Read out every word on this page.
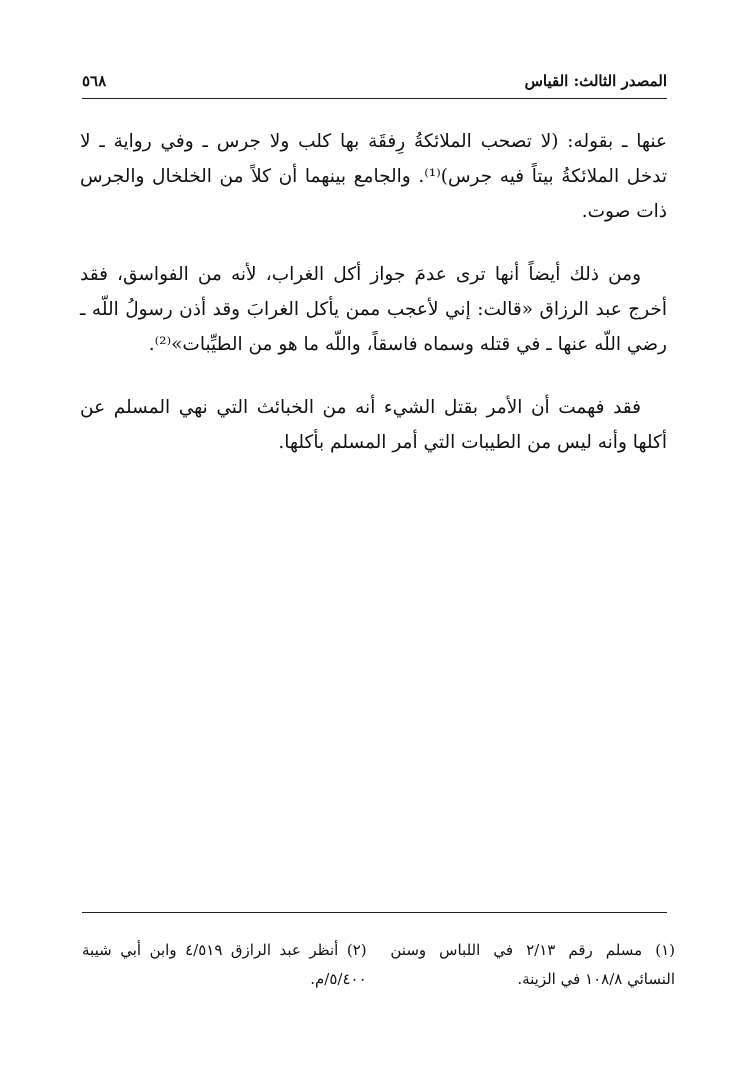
المصدر الثالث: القياس
٥٦٨

عنها ـ بقوله: (لا تصحب الملائكةُ رِفقَة بها كلب ولا جرس ـ وفي رواية ـ لا تدخل الملائكةُ بيتاً فيه جرس)⁽¹⁾. والجامع بينهما أن كلاً من الخلخال والجرس ذات صوت.

ومن ذلك أيضاً أنها ترى عدمَ جواز أكل الغراب، لأنه من الفواسق، فقد أخرج عبد الرزاق «قالت: إني لأعجب ممن يأكل الغرابَ وقد أذن رسولُ اللّه ـ رضي اللّه عنها ـ في قتله وسماه فاسقاً، واللّه ما هو من الطيِّبات»⁽²⁾.

فقد فهمت أن الأمر بقتل الشيء أنه من الخبائث التي نهي المسلم عن أكلها وأنه ليس من الطيبات التي أمر المسلم بأكلها.

(١) مسلم رقم ٢/١٣ في اللباس وسنن النسائي ١٠٨/٨ في الزينة.
(٢) أنظر عبد الرازق ٤/٥١٩ وابن أبي شيبة ٥/٤٠٠/م.
